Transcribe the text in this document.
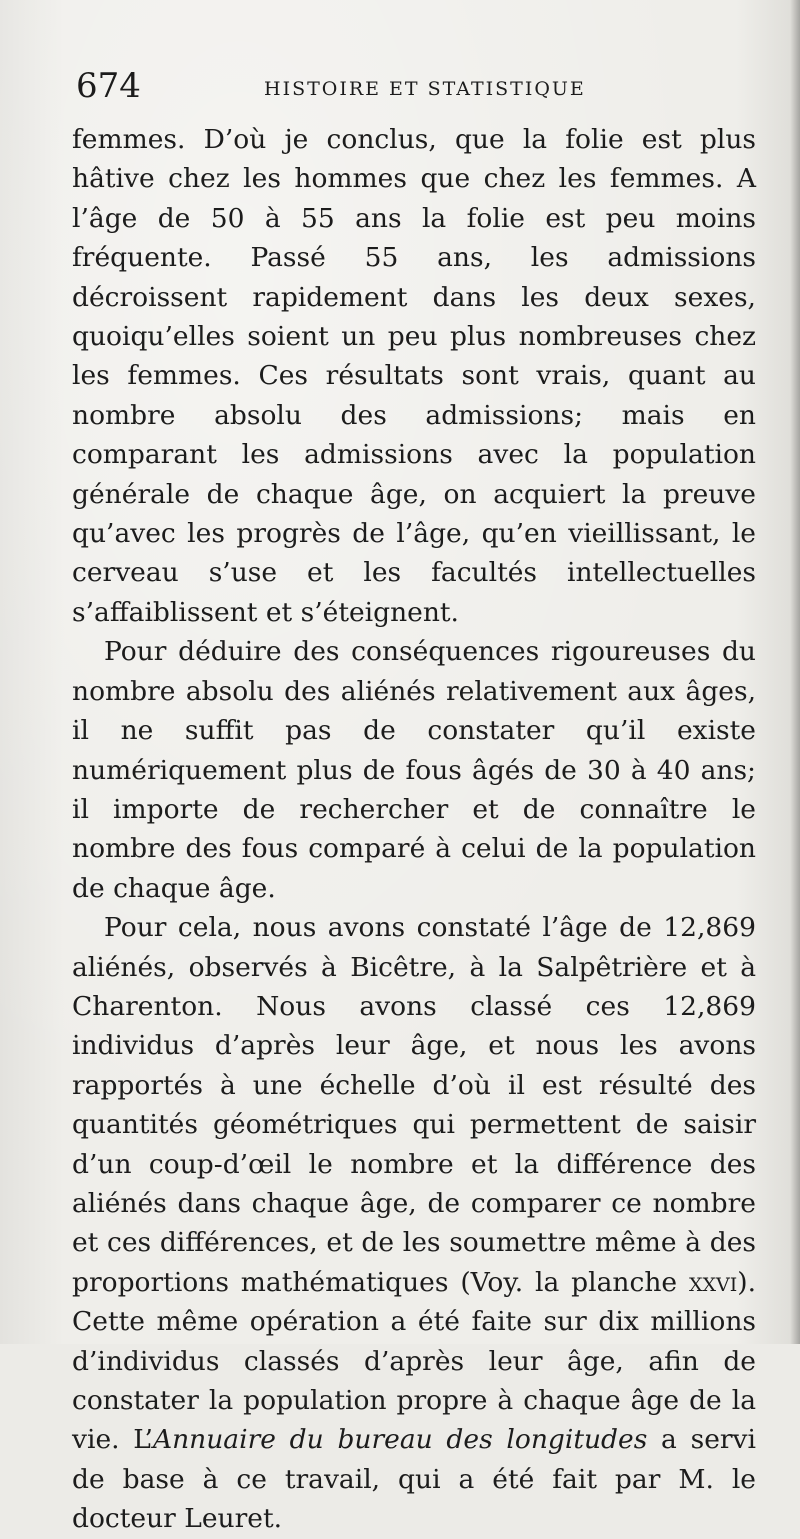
674	HISTOIRE ET STATISTIQUE

femmes. D’où je conclus, que la folie est plus hâtive chez les hommes que chez les femmes. A l’âge de 50 à 55 ans la folie est peu moins fréquente. Passé 55 ans, les admissions décroissent rapidement dans les deux sexes, quoiqu’elles soient un peu plus nombreuses chez les femmes. Ces résultats sont vrais, quant au nombre absolu des admissions; mais en comparant les admissions avec la population générale de chaque âge, on acquiert la preuve qu’avec les progrès de l’âge, qu’en vieillissant, le cerveau s’use et les facultés intellectuelles s’affaiblissent et s’éteignent.

Pour déduire des conséquences rigoureuses du nombre absolu des aliénés relativement aux âges, il ne suffit pas de constater qu’il existe numériquement plus de fous âgés de 30 à 40 ans; il importe de rechercher et de connaître le nombre des fous comparé à celui de la population de chaque âge.

Pour cela, nous avons constaté l’âge de 12,869 aliénés, observés à Bicêtre, à la Salpêtrière et à Charenton. Nous avons classé ces 12,869 individus d’après leur âge, et nous les avons rapportés à une échelle d’où il est résulté des quantités géométriques qui permettent de saisir d’un coup-d’œil le nombre et la différence des aliénés dans chaque âge, de comparer ce nombre et ces différences, et de les soumettre même à des proportions mathématiques (Voy. la planche xxvi). Cette même opération a été faite sur dix millions d’individus classés d’après leur âge, afin de constater la population propre à chaque âge de la vie. L’Annuaire du bureau des longitudes a servi de base à ce travail, qui a été fait par M. le docteur Leuret.
